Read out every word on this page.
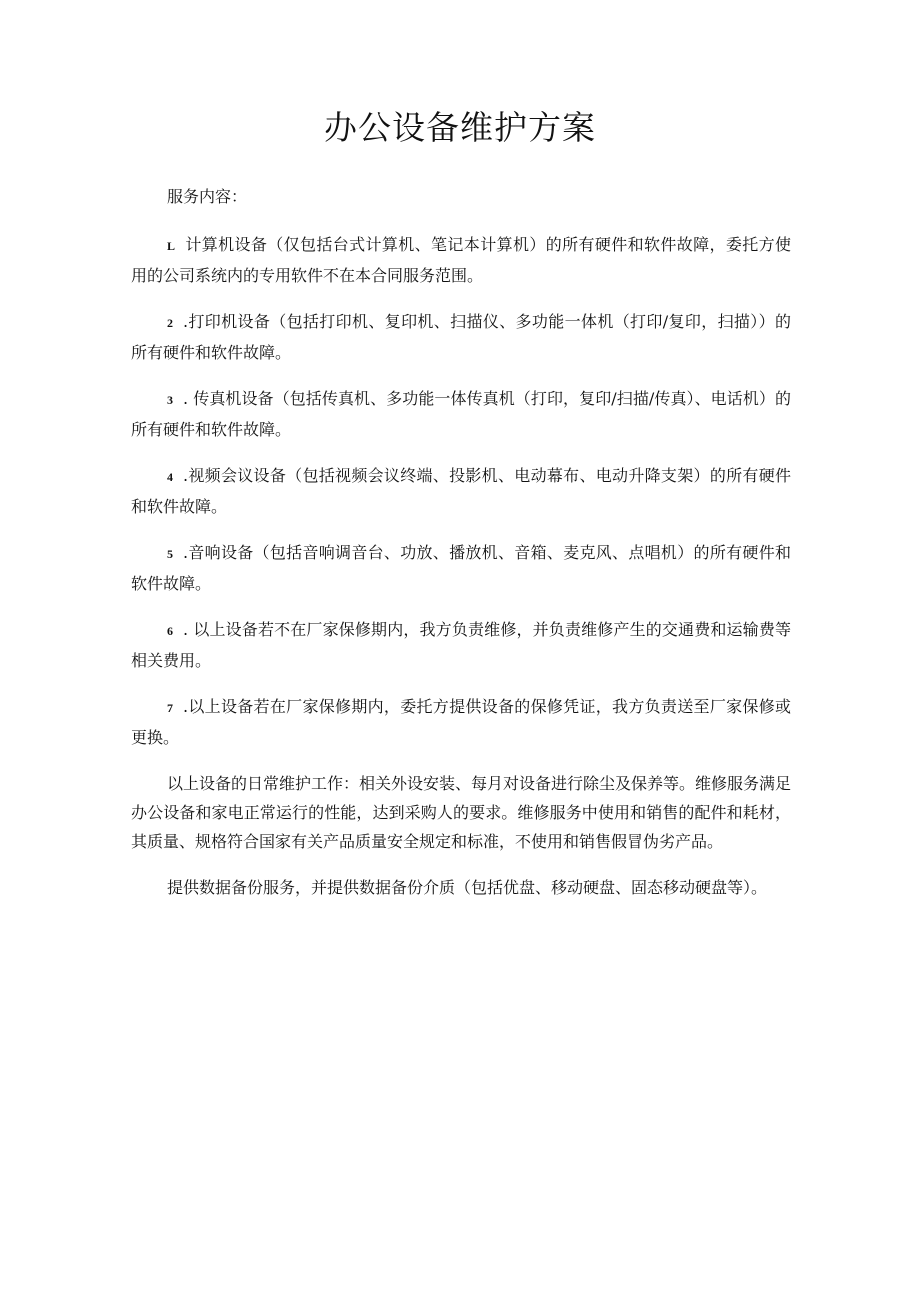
办公设备维护方案

服务内容：

L 计算机设备（仅包括台式计算机、笔记本计算机）的所有硬件和软件故障，委托方使用的公司系统内的专用软件不在本合同服务范围。

2 .打印机设备（包括打印机、复印机、扫描仪、多功能一体机（打印/复印，扫描））的所有硬件和软件故障。

3 . 传真机设备（包括传真机、多功能一体传真机（打印，复印/扫描/传真）、电话机）的所有硬件和软件故障。

4 .视频会议设备（包括视频会议终端、投影机、电动幕布、电动升降支架）的所有硬件和软件故障。

5 .音响设备（包括音响调音台、功放、播放机、音箱、麦克风、点唱机）的所有硬件和软件故障。

6 . 以上设备若不在厂家保修期内，我方负责维修，并负责维修产生的交通费和运输费等相关费用。

7 .以上设备若在厂家保修期内，委托方提供设备的保修凭证，我方负责送至厂家保修或更换。

以上设备的日常维护工作：相关外设安装、每月对设备进行除尘及保养等。维修服务满足办公设备和家电正常运行的性能，达到采购人的要求。维修服务中使用和销售的配件和耗材，其质量、规格符合国家有关产品质量安全规定和标准，不使用和销售假冒伪劣产品。

提供数据备份服务，并提供数据备份介质（包括优盘、移动硬盘、固态移动硬盘等）。
